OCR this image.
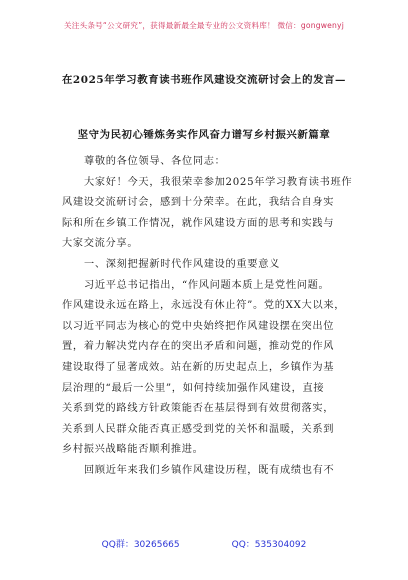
关注头条号“公文研究”，获得最新最全最专业的公文资料库！ 微信：gongwenyj
在2025年学习教育读书班作风建设交流研讨会上的发言—
坚守为民初心锤炼务实作风奋力谱写乡村振兴新篇章
尊敬的各位领导、各位同志：
大家好！今天，我很荣幸参加2025年学习教育读书班作
风建设交流研讨会，感到十分荣幸。在此，我结合自身实
际和所在乡镇工作情况，就作风建设方面的思考和实践与
大家交流分享。
一、深刻把握新时代作风建设的重要意义
习近平总书记指出，“作风问题本质上是党性问题。
作风建设永远在路上，永远没有休止符”。党的XX大以来，
以习近平同志为核心的党中央始终把作风建设摆在突出位
置，着力解决党内存在的突出矛盾和问题，推动党的作风
建设取得了显著成效。站在新的历史起点上，乡镇作为基
层治理的“最后一公里”，如何持续加强作风建设，直接
关系到党的路线方针政策能否在基层得到有效贯彻落实，
关系到人民群众能否真正感受到党的关怀和温暖，关系到
乡村振兴战略能否顺利推进。
回顾近年来我们乡镇作风建设历程，既有成绩也有不
QQ群：30265665	QQ：535304092
